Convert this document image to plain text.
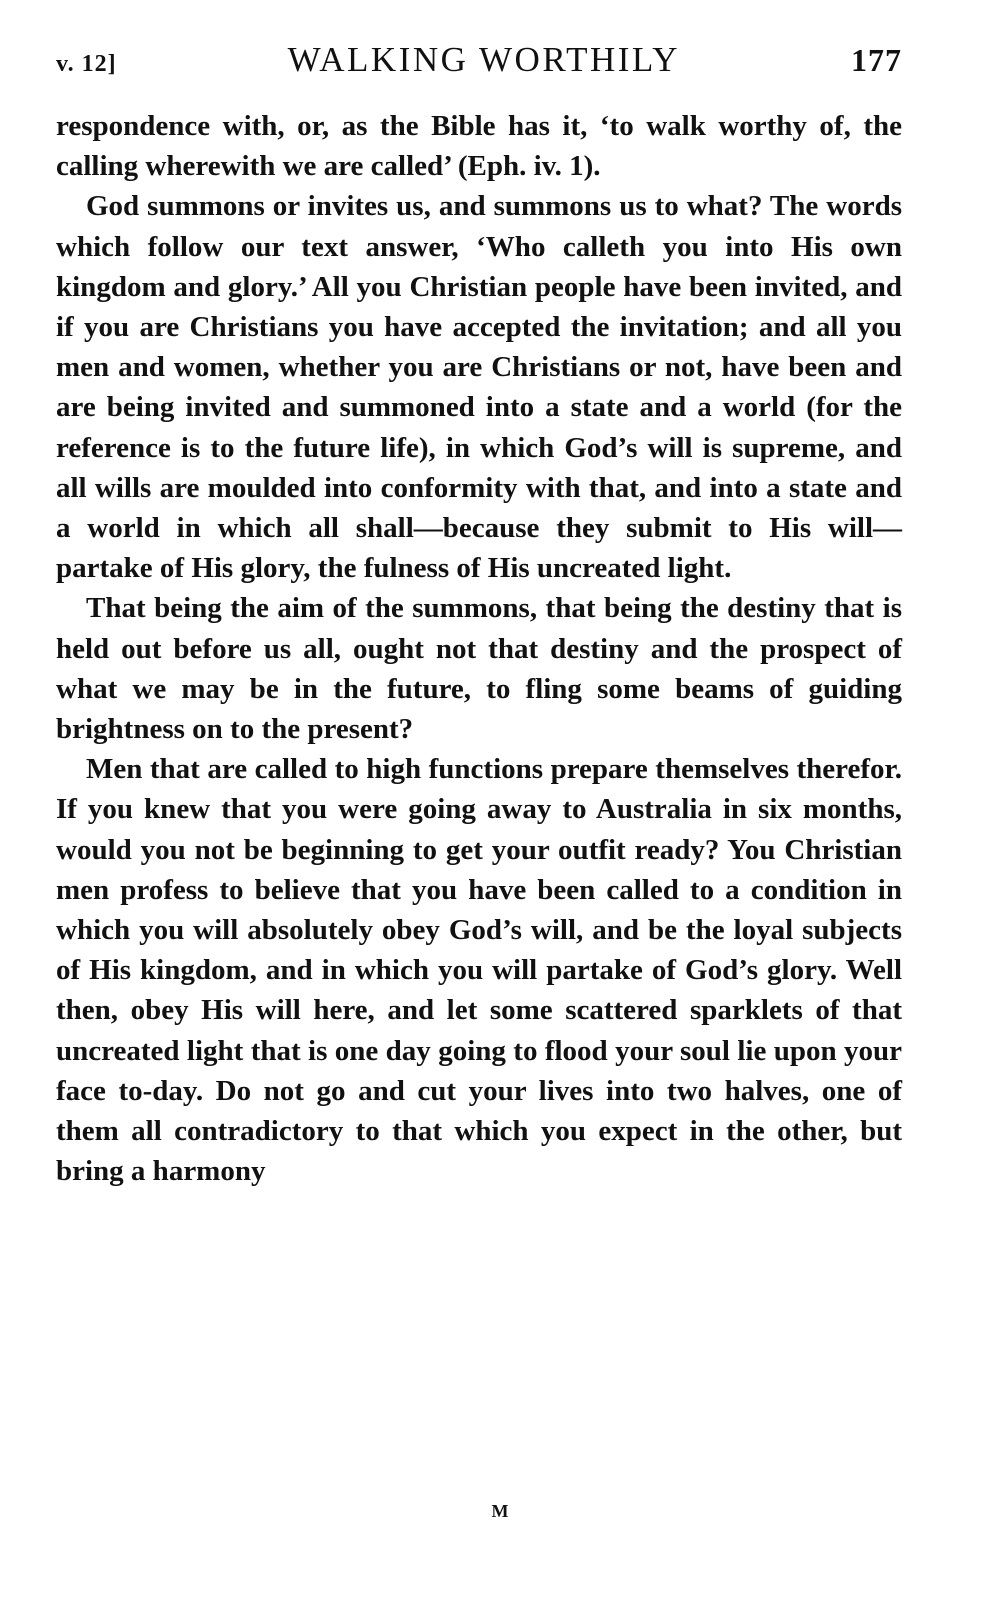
v. 12]	WALKING WORTHILY	177

respondence with, or, as the Bible has it, ‘to walk worthy of, the calling wherewith we are called’ (Eph. iv. 1).

God summons or invites us, and summons us to what? The words which follow our text answer, ‘Who calleth you into His own kingdom and glory.’ All you Christian people have been invited, and if you are Christians you have accepted the invitation; and all you men and women, whether you are Christians or not, have been and are being invited and summoned into a state and a world (for the reference is to the future life), in which God’s will is supreme, and all wills are moulded into conformity with that, and into a state and a world in which all shall—because they submit to His will—partake of His glory, the fulness of His uncreated light.

That being the aim of the summons, that being the destiny that is held out before us all, ought not that destiny and the prospect of what we may be in the future, to fling some beams of guiding brightness on to the present?

Men that are called to high functions prepare themselves therefor. If you knew that you were going away to Australia in six months, would you not be beginning to get your outfit ready? You Christian men profess to believe that you have been called to a condition in which you will absolutely obey God’s will, and be the loyal subjects of His kingdom, and in which you will partake of God’s glory. Well then, obey His will here, and let some scattered sparklets of that uncreated light that is one day going to flood your soul lie upon your face to-day. Do not go and cut your lives into two halves, one of them all contradictory to that which you expect in the other, but bring a harmony

M
